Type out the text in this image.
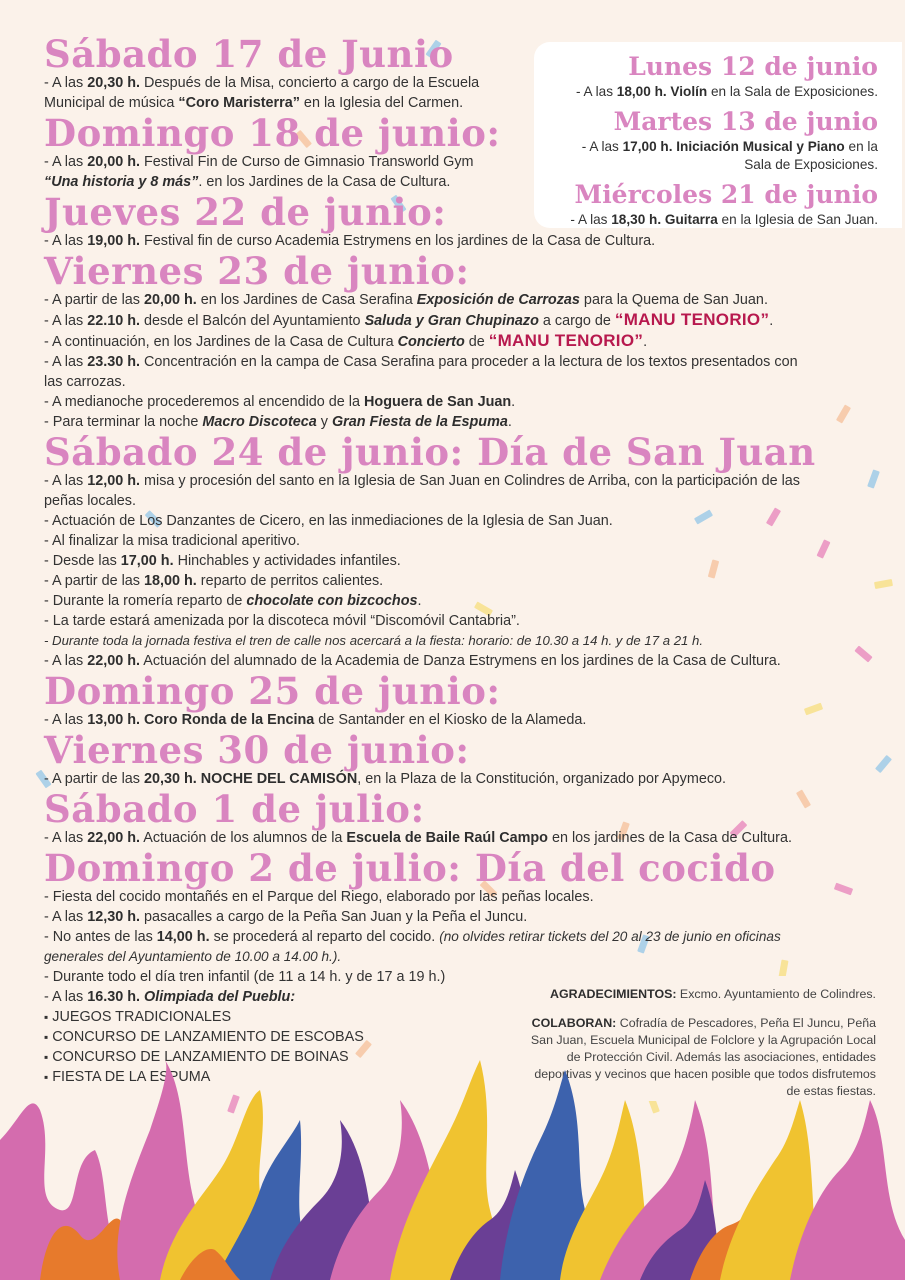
Lunes 12 de junio

- A las 18,00 h. Violín en la Sala de Exposiciones.

Martes 13 de junio

- A las 17,00 h. Iniciación Musical y Piano en la
Sala de Exposiciones.

Miércoles 21 de junio

- A las 18,30 h. Guitarra en la Iglesia de San Juan.

Sábado 17 de Junio

- A las 20,30 h. Después de la Misa, concierto a cargo de la Escuela

Municipal de música “Coro Maristerra” en la Iglesia del Carmen.

Domingo 18 de junio:

- A las 20,00 h. Festival Fin de Curso de Gimnasio Transworld Gym

“Una historia y 8 más”. en los Jardines de la Casa de Cultura.

Jueves 22 de junio:

- A las 19,00 h. Festival fin de curso Academia Estrymens en los jardines de la Casa de Cultura.

Viernes 23 de junio:

- A partir de las 20,00 h. en los Jardines de Casa Serafina Exposición de Carrozas para la Quema de San Juan.

- A las 22.10 h. desde el Balcón del Ayuntamiento Saluda y Gran Chupinazo a cargo de “MANU TENORIO”.

- A continuación, en los Jardines de la Casa de Cultura Concierto de “MANU TENORIO”.

- A las 23.30 h. Concentración en la campa de Casa Serafina para proceder a la lectura de los textos presentados con

las carrozas.

- A medianoche procederemos al encendido de la Hoguera de San Juan.

- Para terminar la noche Macro Discoteca y Gran Fiesta de la Espuma.

Sábado 24 de junio: Día de San Juan

- A las 12,00 h. misa y procesión del santo en la Iglesia de San Juan en Colindres de Arriba, con la participación de las

peñas locales.

- Actuación de Los Danzantes de Cicero, en las inmediaciones de la Iglesia de San Juan.

- Al finalizar la misa tradicional aperitivo.

- Desde las 17,00 h. Hinchables y actividades infantiles.

- A partir de las 18,00 h. reparto de perritos calientes.

- Durante la romería reparto de chocolate con bizcochos.

- La tarde estará amenizada por la discoteca móvil “Discomóvil Cantabria”.

- Durante toda la jornada festiva el tren de calle nos acercará a la fiesta: horario: de 10.30 a 14 h. y de 17 a 21 h.

- A las 22,00 h. Actuación del alumnado de la Academia de Danza Estrymens en los jardines de la Casa de Cultura.

Domingo 25 de junio:

- A las 13,00 h. Coro Ronda de la Encina de Santander en el Kiosko de la Alameda.

Viernes 30 de junio:

- A partir de las 20,30 h. NOCHE DEL CAMISÓN, en la Plaza de la Constitución, organizado por Apymeco.

Sábado 1 de julio:

- A las 22,00 h. Actuación de los alumnos de la Escuela de Baile Raúl Campo en los jardines de la Casa de Cultura.

Domingo 2 de julio: Día del cocido

- Fiesta del cocido montañés en el Parque del Riego, elaborado por las peñas locales.

- A las 12,30 h. pasacalles a cargo de la Peña San Juan y la Peña el Juncu.

- No antes de las 14,00 h. se procederá al reparto del cocido. (no olvides retirar tickets del 20 al 23 de junio en oficinas

generales del Ayuntamiento de 10.00 a 14.00 h.).

- Durante todo el día tren infantil (de 11 a 14 h. y de 17 a 19 h.)

- A las 16.30 h. Olimpiada del Pueblu:

▪ JUEGOS TRADICIONALES

▪ CONCURSO DE LANZAMIENTO DE ESCOBAS

▪ CONCURSO DE LANZAMIENTO DE BOINAS

▪ FIESTA DE LA ESPUMA

AGRADECIMIENTOS: Excmo. Ayuntamiento de Colindres.

COLABORAN: Cofradía de Pescadores, Peña El Juncu, Peña

San Juan, Escuela Municipal de Folclore y la Agrupación Local

de Protección Civil. Además las asociaciones, entidades

deportivas y vecinos que hacen posible que todos disfrutemos

de estas fiestas.
